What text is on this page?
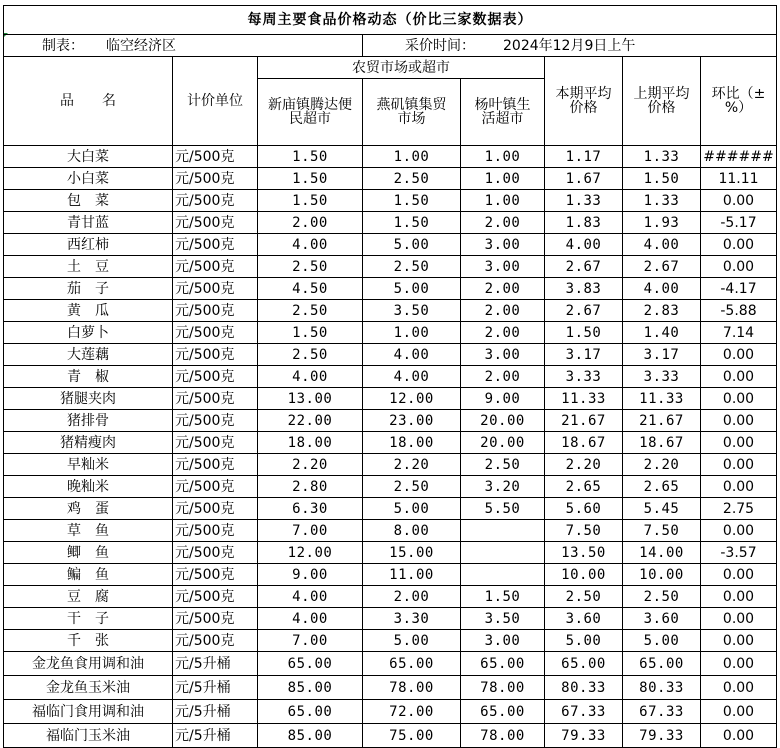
每周主要食品价格动态（价比三家数据表）							
制表： 临空经济区			采价时间： 2024年12月9日上午				
品　　名	计价单位	农贸市场或超市			本期平均价格	上期平均价格	环比（±%）
		新庙镇腾达便民超市	燕矶镇集贸市场	杨叶镇生活超市			
大白菜	元/500克	1.50	1.00	1.00	1.17	1.33	######
小白菜	元/500克	1.50	2.50	1.00	1.67	1.50	11.11
包　菜	元/500克	1.50	1.50	1.00	1.33	1.33	0.00
青甘蓝	元/500克	2.00	1.50	2.00	1.83	1.93	-5.17
西红柿	元/500克	4.00	5.00	3.00	4.00	4.00	0.00
土　豆	元/500克	2.50	2.50	3.00	2.67	2.67	0.00
茄　子	元/500克	4.50	5.00	2.00	3.83	4.00	-4.17
黄　瓜	元/500克	2.50	3.50	2.00	2.67	2.83	-5.88
白萝卜	元/500克	1.50	1.00	2.00	1.50	1.40	7.14
大莲藕	元/500克	2.50	4.00	3.00	3.17	3.17	0.00
青　椒	元/500克	4.00	4.00	2.00	3.33	3.33	0.00
猪腿夹肉	元/500克	13.00	12.00	9.00	11.33	11.33	0.00
猪排骨	元/500克	22.00	23.00	20.00	21.67	21.67	0.00
猪精瘦肉	元/500克	18.00	18.00	20.00	18.67	18.67	0.00
早籼米	元/500克	2.20	2.20	2.50	2.20	2.20	0.00
晚籼米	元/500克	2.80	2.50	3.20	2.65	2.65	0.00
鸡　蛋	元/500克	6.30	5.00	5.50	5.60	5.45	2.75
草　鱼	元/500克	7.00	8.00		7.50	7.50	0.00
鲫　鱼	元/500克	12.00	15.00		13.50	14.00	-3.57
鳊　鱼	元/500克	9.00	11.00		10.00	10.00	0.00
豆　腐	元/500克	4.00	2.00	1.50	2.50	2.50	0.00
干　子	元/500克	4.00	3.30	3.50	3.60	3.60	0.00
千　张	元/500克	7.00	5.00	3.00	5.00	5.00	0.00
金龙鱼食用调和油	元/5升桶	65.00	65.00	65.00	65.00	65.00	0.00
金龙鱼玉米油	元/5升桶	85.00	78.00	78.00	80.33	80.33	0.00
福临门食用调和油	元/5升桶	65.00	72.00	65.00	67.33	67.33	0.00
福临门玉米油	元/5升桶	85.00	75.00	78.00	79.33	79.33	0.00
